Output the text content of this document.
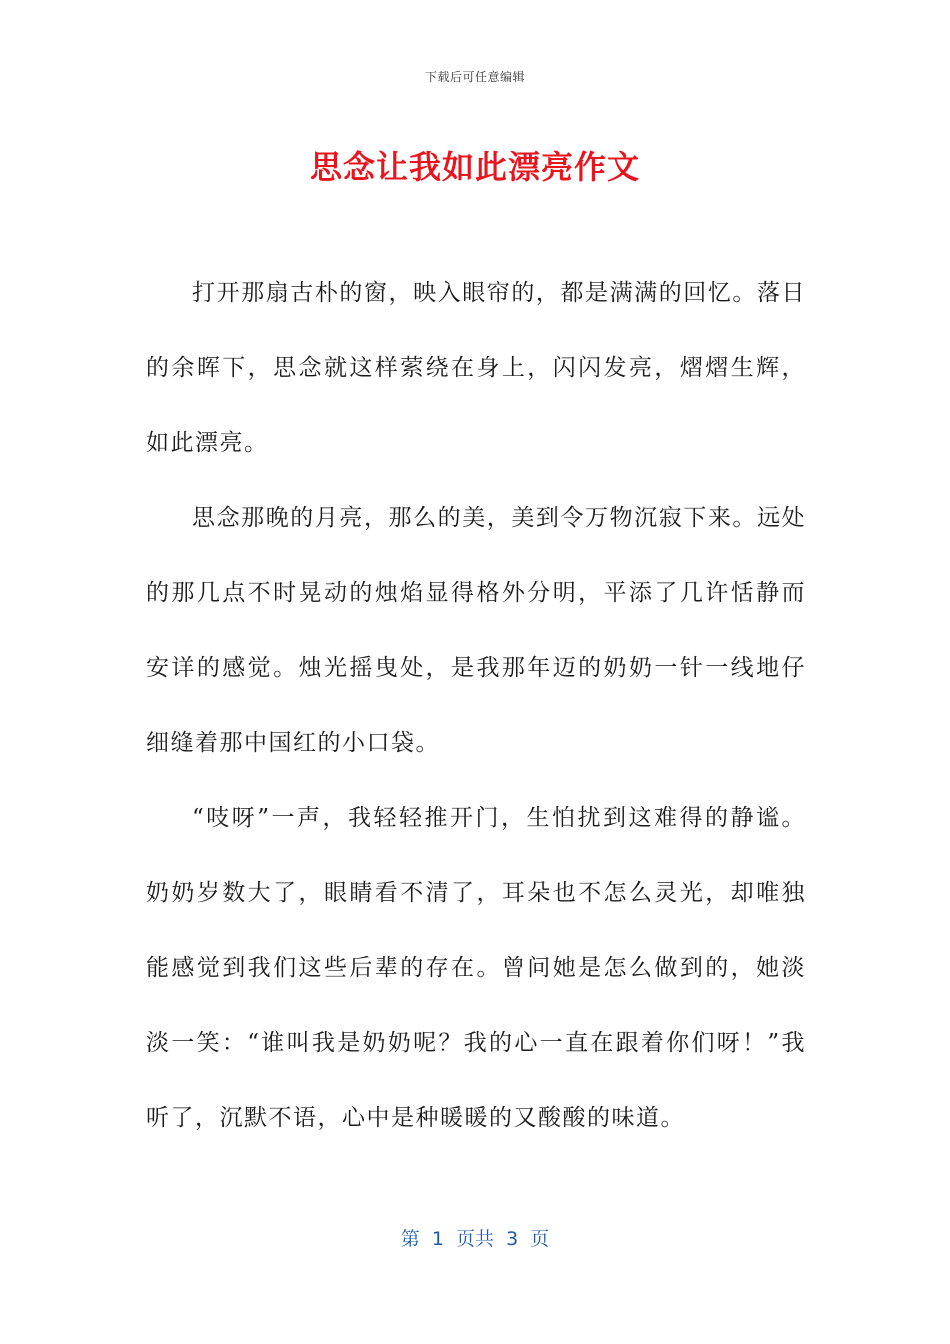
下载后可任意编辑
思念让我如此漂亮作文

打开那扇古朴的窗，映入眼帘的，都是满满的回忆。落日的余晖下，思念就这样萦绕在身上，闪闪发亮，熠熠生辉，如此漂亮。

思念那晚的月亮，那么的美，美到令万物沉寂下来。远处的那几点不时晃动的烛焰显得格外分明，平添了几许恬静而安详的感觉。烛光摇曳处，是我那年迈的奶奶一针一线地仔细缝着那中国红的小口袋。

“吱呀”一声，我轻轻推开门，生怕扰到这难得的静谧。奶奶岁数大了，眼睛看不清了，耳朵也不怎么灵光，却唯独能感觉到我们这些后辈的存在。曾问她是怎么做到的，她淡淡一笑：“谁叫我是奶奶呢？我的心一直在跟着你们呀！”我听了，沉默不语，心中是种暖暖的又酸酸的味道。

第  1  页共  3  页
